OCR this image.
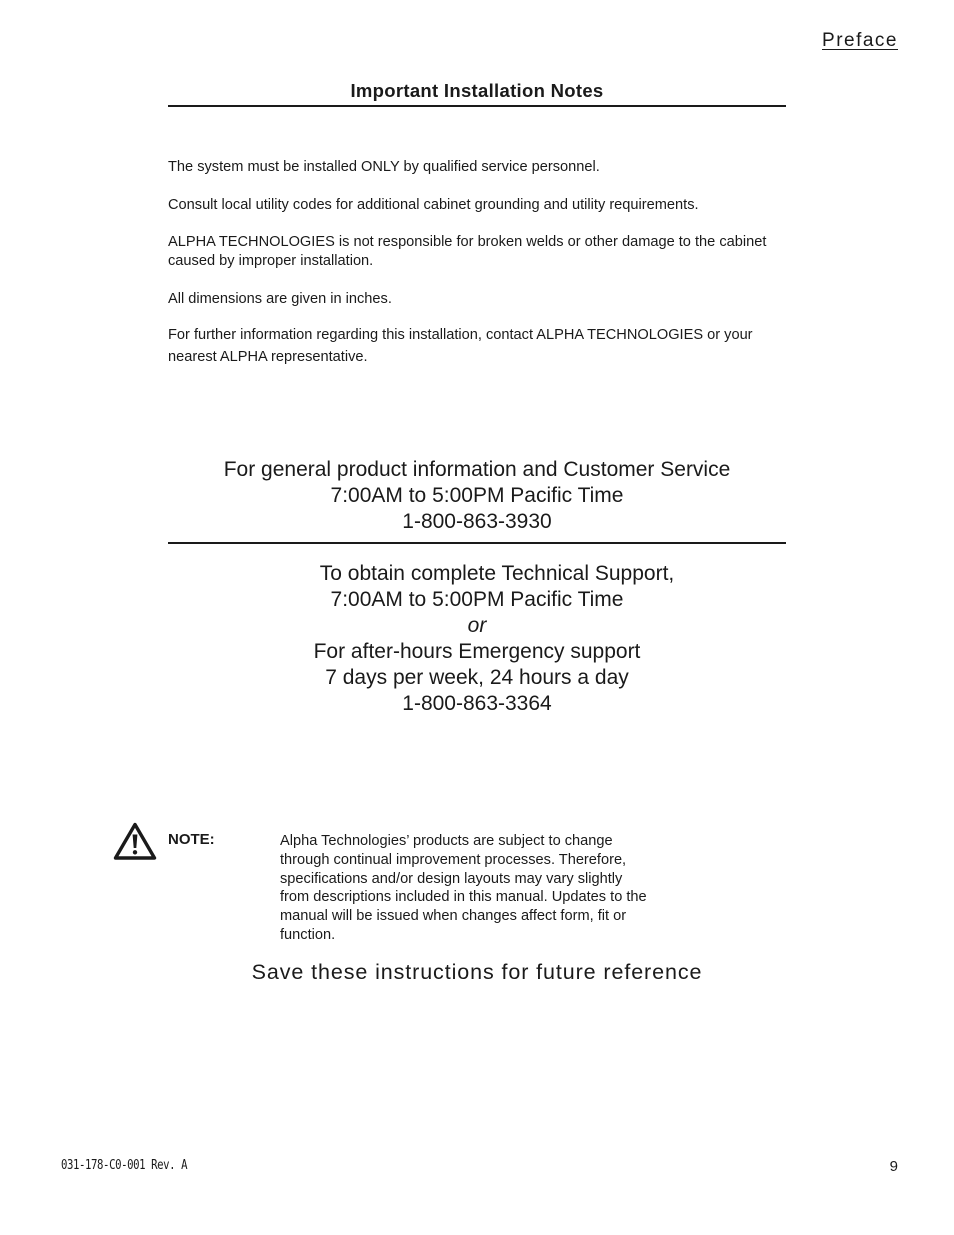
Preface
Important Installation Notes

The system must be installed ONLY by qualified service personnel.

Consult local utility codes for additional cabinet grounding and utility requirements.

ALPHA TECHNOLOGIES is not responsible for broken welds or other damage to the cabinet caused by improper installation.

All dimensions are given in inches.

For further information regarding this installation, contact ALPHA TECHNOLOGIES or your nearest ALPHA representative.

For general product information and Customer Service
7:00AM to 5:00PM Pacific Time
1-800-863-3930
To obtain complete Technical Support,
7:00AM to 5:00PM Pacific Time
or
For after-hours Emergency support
7 days per week, 24 hours a day
1-800-863-3364
NOTE:	Alpha Technologies’ products are subject to change
through continual improvement processes. Therefore,
specifications and/or design layouts may vary slightly
from descriptions included in this manual. Updates to the
manual will be issued when changes affect form, fit or
function.
Save these instructions for future reference
031-178-C0-001 Rev. A	9
